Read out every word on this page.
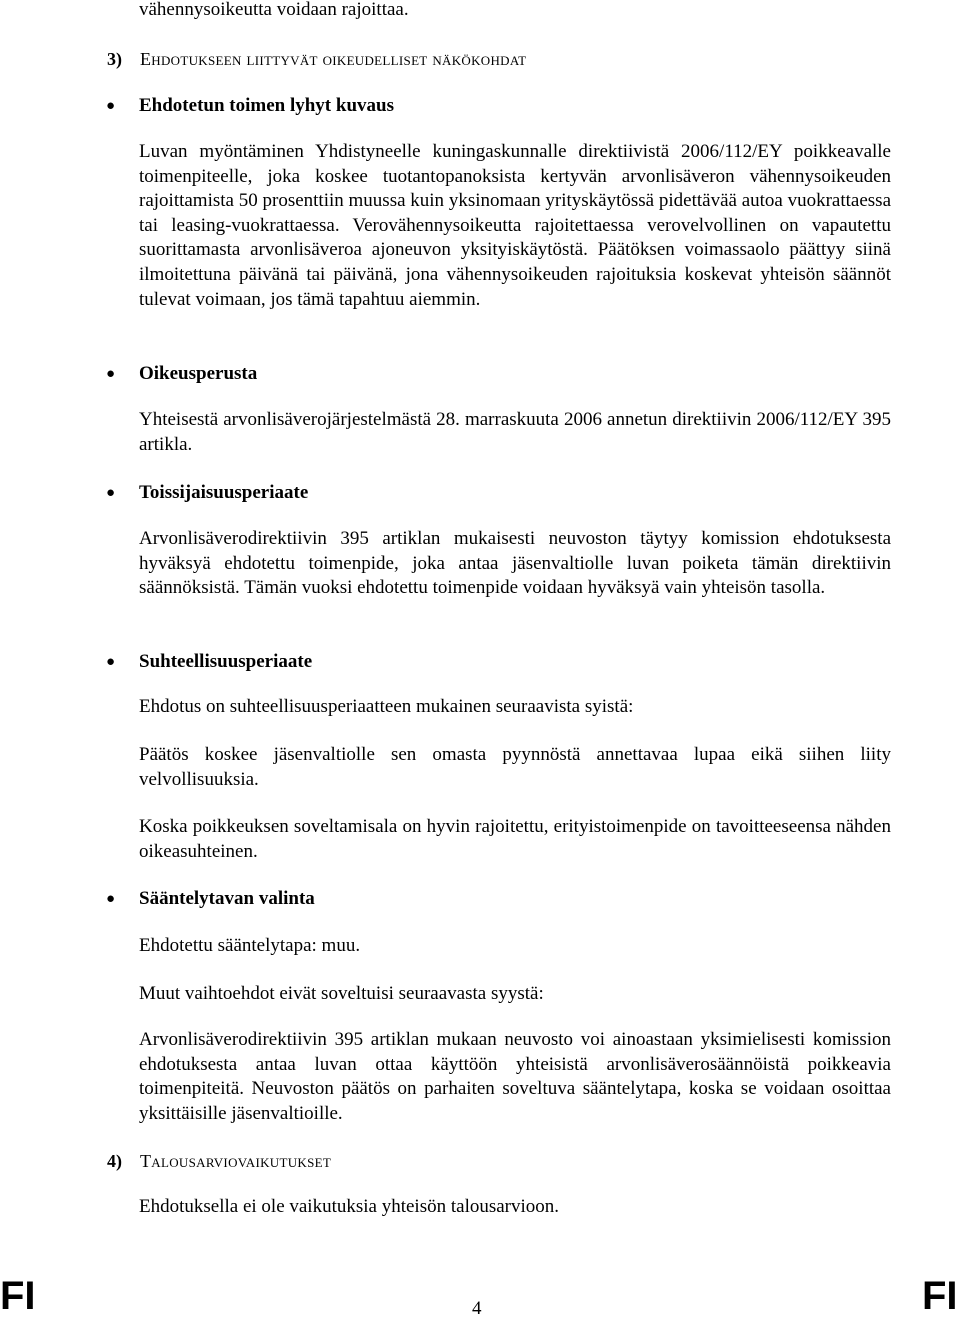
vähennysoikeutta voidaan rajoittaa.

3)	Ehdotukseen liittyvät oikeudelliset näkökohdat
● Ehdotetun toimen lyhyt kuvaus

Luvan myöntäminen Yhdistyneelle kuningaskunnalle direktiivistä 2006/112/EY poikkeavalle toimenpiteelle, joka koskee tuotantopanoksista kertyvän arvonlisäveron vähennysoikeuden rajoittamista 50 prosenttiin muussa kuin yksinomaan yrityskäytössä pidettävää autoa vuokrattaessa tai leasing-vuokrattaessa. Verovähennysoikeutta rajoitettaessa verovelvollinen on vapautettu suorittamasta arvonlisäveroa ajoneuvon yksityiskäytöstä. Päätöksen voimassaolo päättyy siinä ilmoitettuna päivänä tai päivänä, jona vähennysoikeuden rajoituksia koskevat yhteisön säännöt tulevat voimaan, jos tämä tapahtuu aiemmin.

● Oikeusperusta

Yhteisestä arvonlisäverojärjestelmästä 28. marraskuuta 2006 annetun direktiivin 2006/112/EY 395 artikla.

● Toissijaisuusperiaate

Arvonlisäverodirektiivin 395 artiklan mukaisesti neuvoston täytyy komission ehdotuksesta hyväksyä ehdotettu toimenpide, joka antaa jäsenvaltiolle luvan poiketa tämän direktiivin säännöksistä. Tämän vuoksi ehdotettu toimenpide voidaan hyväksyä vain yhteisön tasolla.

● Suhteellisuusperiaate

Ehdotus on suhteellisuusperiaatteen mukainen seuraavista syistä:

Päätös koskee jäsenvaltiolle sen omasta pyynnöstä annettavaa lupaa eikä siihen liity velvollisuuksia.

Koska poikkeuksen soveltamisala on hyvin rajoitettu, erityistoimenpide on tavoitteeseensa nähden oikeasuhteinen.

● Sääntelytavan valinta

Ehdotettu sääntelytapa: muu.

Muut vaihtoehdot eivät soveltuisi seuraavasta syystä:

Arvonlisäverodirektiivin 395 artiklan mukaan neuvosto voi ainoastaan yksimielisesti komission ehdotuksesta antaa luvan ottaa käyttöön yhteisistä arvonlisäverosäännöistä poikkeavia toimenpiteitä. Neuvoston päätös on parhaiten soveltuva sääntelytapa, koska se voidaan osoittaa yksittäisille jäsenvaltioille.

4)	Talousarviovaikutukset

Ehdotuksella ei ole vaikutuksia yhteisön talousarvioon.

FI	4	FI
